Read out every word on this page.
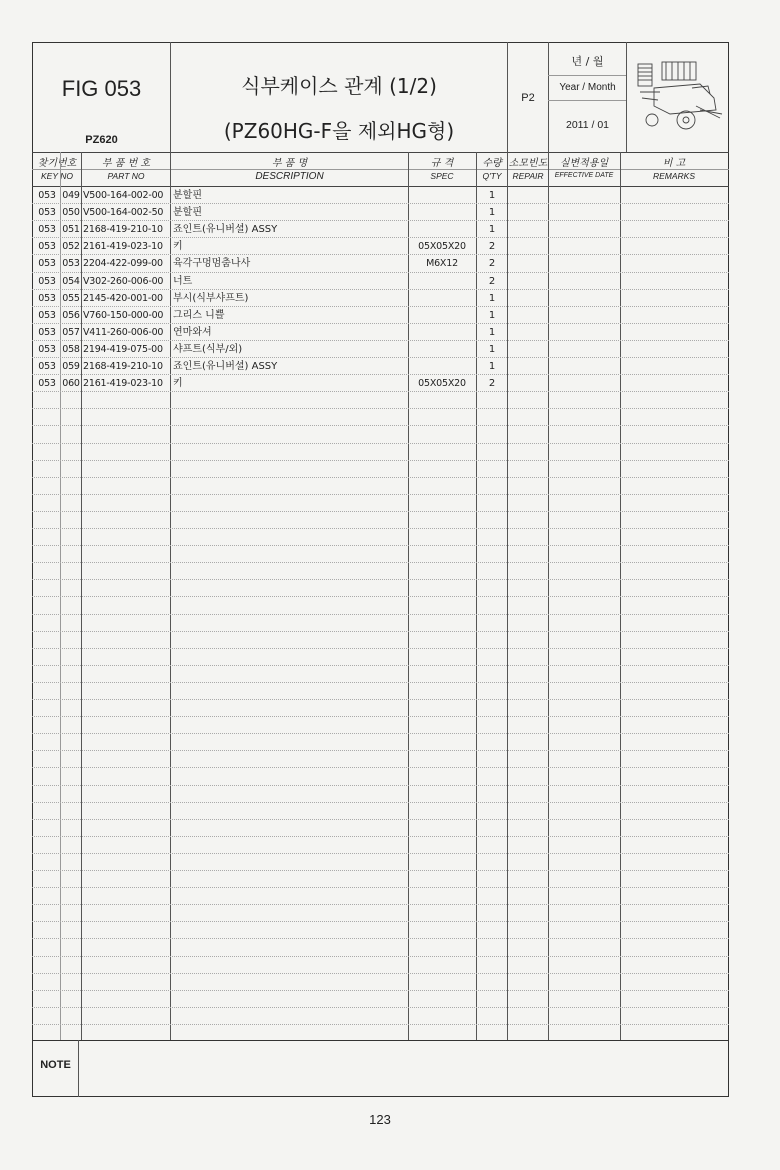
FIG 053
PZ620
식부케이스 관계 (1/2)
(PZ60HG-F을 제외HG형)
P2
년 / 월
Year / Month
2011 / 01
찾기번호
KEY NO
부 품 번 호
PART NO
부 품 명
DESCRIPTION
규 격
SPEC
수량
Q'TY
소모빈도
REPAIR
실변적용일
EFFECTIVE DATE
비 고
REMARKS
053 049 V500-164-002-00 분할핀	1
053 050 V500-164-002-50 분할핀	1
053 051 2168-419-210-10	죠인트(유니버셜) ASSY	1
053 052 2161-419-023-10	키	05X05X20	2
053 053 2204-422-099-00	육각구멍멈춤나사	M6X12	2
053 054 V302-260-006-00 너트	2
053 055 2145-420-001-00	부시(식부샤프트)	1
053 056 V760-150-000-00 그리스 니쁠	1
053 057 V411-260-006-00 연마와셔	1
053 058 2194-419-075-00	샤프트(식부/외)	1
053 059 2168-419-210-10	죠인트(유니버셜) ASSY	1
053 060 2161-419-023-10	키	05X05X20	2
NOTE
123
